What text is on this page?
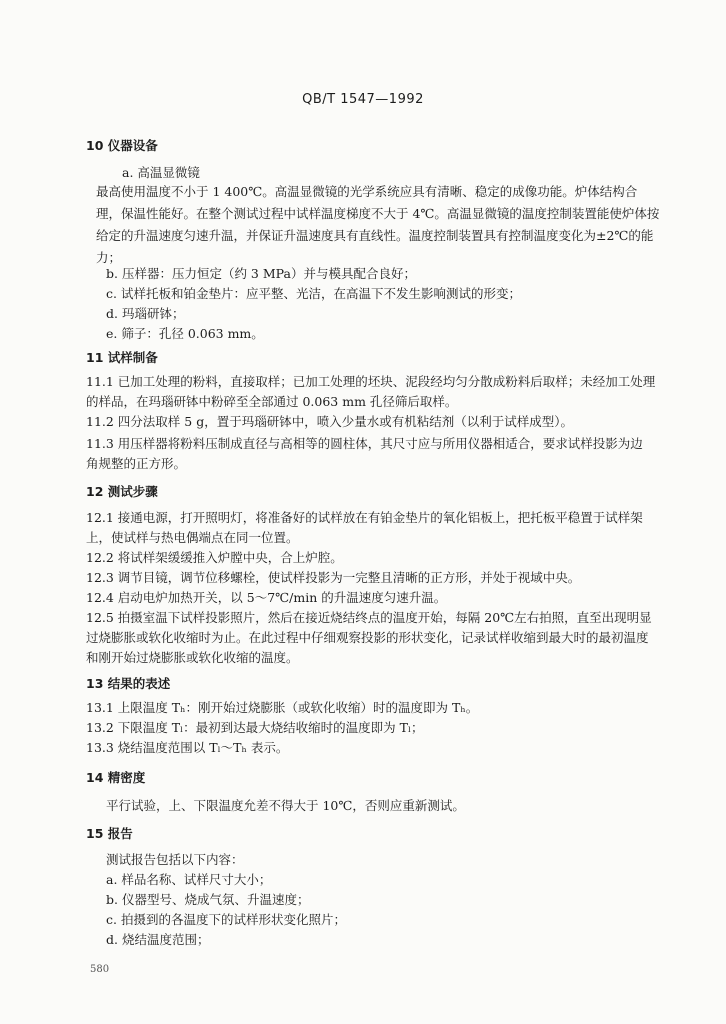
QB/T 1547—1992
10 仪器设备
a. 高温显微镜
最高使用温度不小于 1 400℃。高温显微镜的光学系统应具有清晰、稳定的成像功能。炉体结构合
理，保温性能好。在整个测试过程中试样温度梯度不大于 4℃。高温显微镜的温度控制装置能使炉体按
给定的升温速度匀速升温，并保证升温速度具有直线性。温度控制装置具有控制温度变化为±2℃的能
力；
b. 压样器：压力恒定（约 3 MPa）并与模具配合良好；
c. 试样托板和铂金垫片：应平整、光洁，在高温下不发生影响测试的形变；
d. 玛瑙研钵；
e. 筛子：孔径 0.063 mm。
11 试样制备
11.1 已加工处理的粉料，直接取样；已加工处理的坯块、泥段经均匀分散成粉料后取样；未经加工处理
的样品，在玛瑙研钵中粉碎至全部通过 0.063 mm 孔径筛后取样。
11.2 四分法取样 5 g，置于玛瑙研钵中，喷入少量水或有机粘结剂（以利于试样成型）。
11.3 用压样器将粉料压制成直径与高相等的圆柱体，其尺寸应与所用仪器相适合，要求试样投影为边
角规整的正方形。
12 测试步骤
12.1 接通电源，打开照明灯，将准备好的试样放在有铂金垫片的氧化铝板上，把托板平稳置于试样架
上，使试样与热电偶端点在同一位置。
12.2 将试样架缓缓推入炉膛中央，合上炉腔。
12.3 调节目镜，调节位移螺栓，使试样投影为一完整且清晰的正方形，并处于视域中央。
12.4 启动电炉加热开关，以 5～7℃/min 的升温速度匀速升温。
12.5 拍摄室温下试样投影照片，然后在接近烧结终点的温度开始，每隔 20℃左右拍照，直至出现明显
过烧膨胀或软化收缩时为止。在此过程中仔细观察投影的形状变化，记录试样收缩到最大时的最初温度
和刚开始过烧膨胀或软化收缩的温度。
13 结果的表述
13.1 上限温度 Tₕ：刚开始过烧膨胀（或软化收缩）时的温度即为 Tₕ。
13.2 下限温度 Tₗ：最初到达最大烧结收缩时的温度即为 Tₗ；
13.3 烧结温度范围以 Tₗ～Tₕ 表示。
14 精密度
平行试验，上、下限温度允差不得大于 10℃，否则应重新测试。
15 报告
测试报告包括以下内容：
a. 样品名称、试样尺寸大小；
b. 仪器型号、烧成气氛、升温速度；
c. 拍摄到的各温度下的试样形状变化照片；
d. 烧结温度范围；
580
